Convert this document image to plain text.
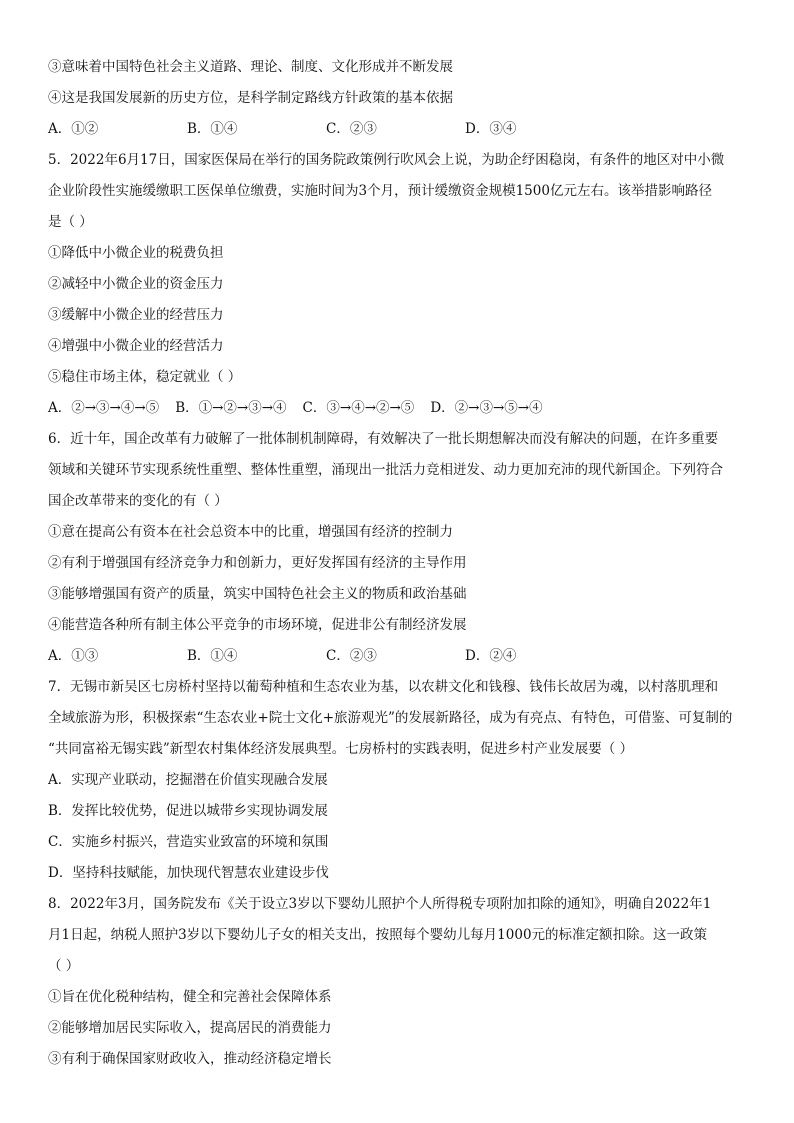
③意味着中国特色社会主义道路、理论、制度、文化形成并不断发展
④这是我国发展新的历史方位，是科学制定路线方针政策的基本依据
A．①②	B．①④	C．②③	D．③④
5．2022年6月17日，国家医保局在举行的国务院政策例行吹风会上说，为助企纾困稳岗，有条件的地区对中小微
企业阶段性实施缓缴职工医保单位缴费，实施时间为3个月，预计缓缴资金规模1500亿元左右。该举措影响路径
是（ ）
①降低中小微企业的税费负担
②减轻中小微企业的资金压力
③缓解中小微企业的经营压力
④增强中小微企业的经营活力
⑤稳住市场主体，稳定就业（ ）
A．②→③→④→⑤ B．①→②→③→④ C．③→④→②→⑤ D．②→③→⑤→④
6．近十年，国企改革有力破解了一批体制机制障碍，有效解决了一批长期想解决而没有解决的问题，在许多重要
领域和关键环节实现系统性重塑、整体性重塑，涌现出一批活力竞相迸发、动力更加充沛的现代新国企。下列符合
国企改革带来的变化的有（ ）
①意在提高公有资本在社会总资本中的比重，增强国有经济的控制力
②有利于增强国有经济竞争力和创新力，更好发挥国有经济的主导作用
③能够增强国有资产的质量，筑实中国特色社会主义的物质和政治基础
④能营造各种所有制主体公平竞争的市场环境，促进非公有制经济发展
A．①③	B．①④	C．②③	D．②④
7．无锡市新吴区七房桥村坚持以葡萄种植和生态农业为基，以农耕文化和钱穆、钱伟长故居为魂，以村落肌理和
全域旅游为形，积极探索“生态农业+院士文化+旅游观光”的发展新路径，成为有亮点、有特色，可借鉴、可复制的
“共同富裕无锡实践”新型农村集体经济发展典型。七房桥村的实践表明，促进乡村产业发展要（ ）
A．实现产业联动，挖掘潜在价值实现融合发展
B．发挥比较优势，促进以城带乡实现协调发展
C．实施乡村振兴，营造实业致富的环境和氛围
D．坚持科技赋能，加快现代智慧农业建设步伐
8．2022年3月，国务院发布《关于设立3岁以下婴幼儿照护个人所得税专项附加扣除的通知》，明确自2022年1
月1日起，纳税人照护3岁以下婴幼儿子女的相关支出，按照每个婴幼儿每月1000元的标准定额扣除。这一政策
（ ）
①旨在优化税种结构，健全和完善社会保障体系
②能够增加居民实际收入，提高居民的消费能力
③有利于确保国家财政收入，推动经济稳定增长
